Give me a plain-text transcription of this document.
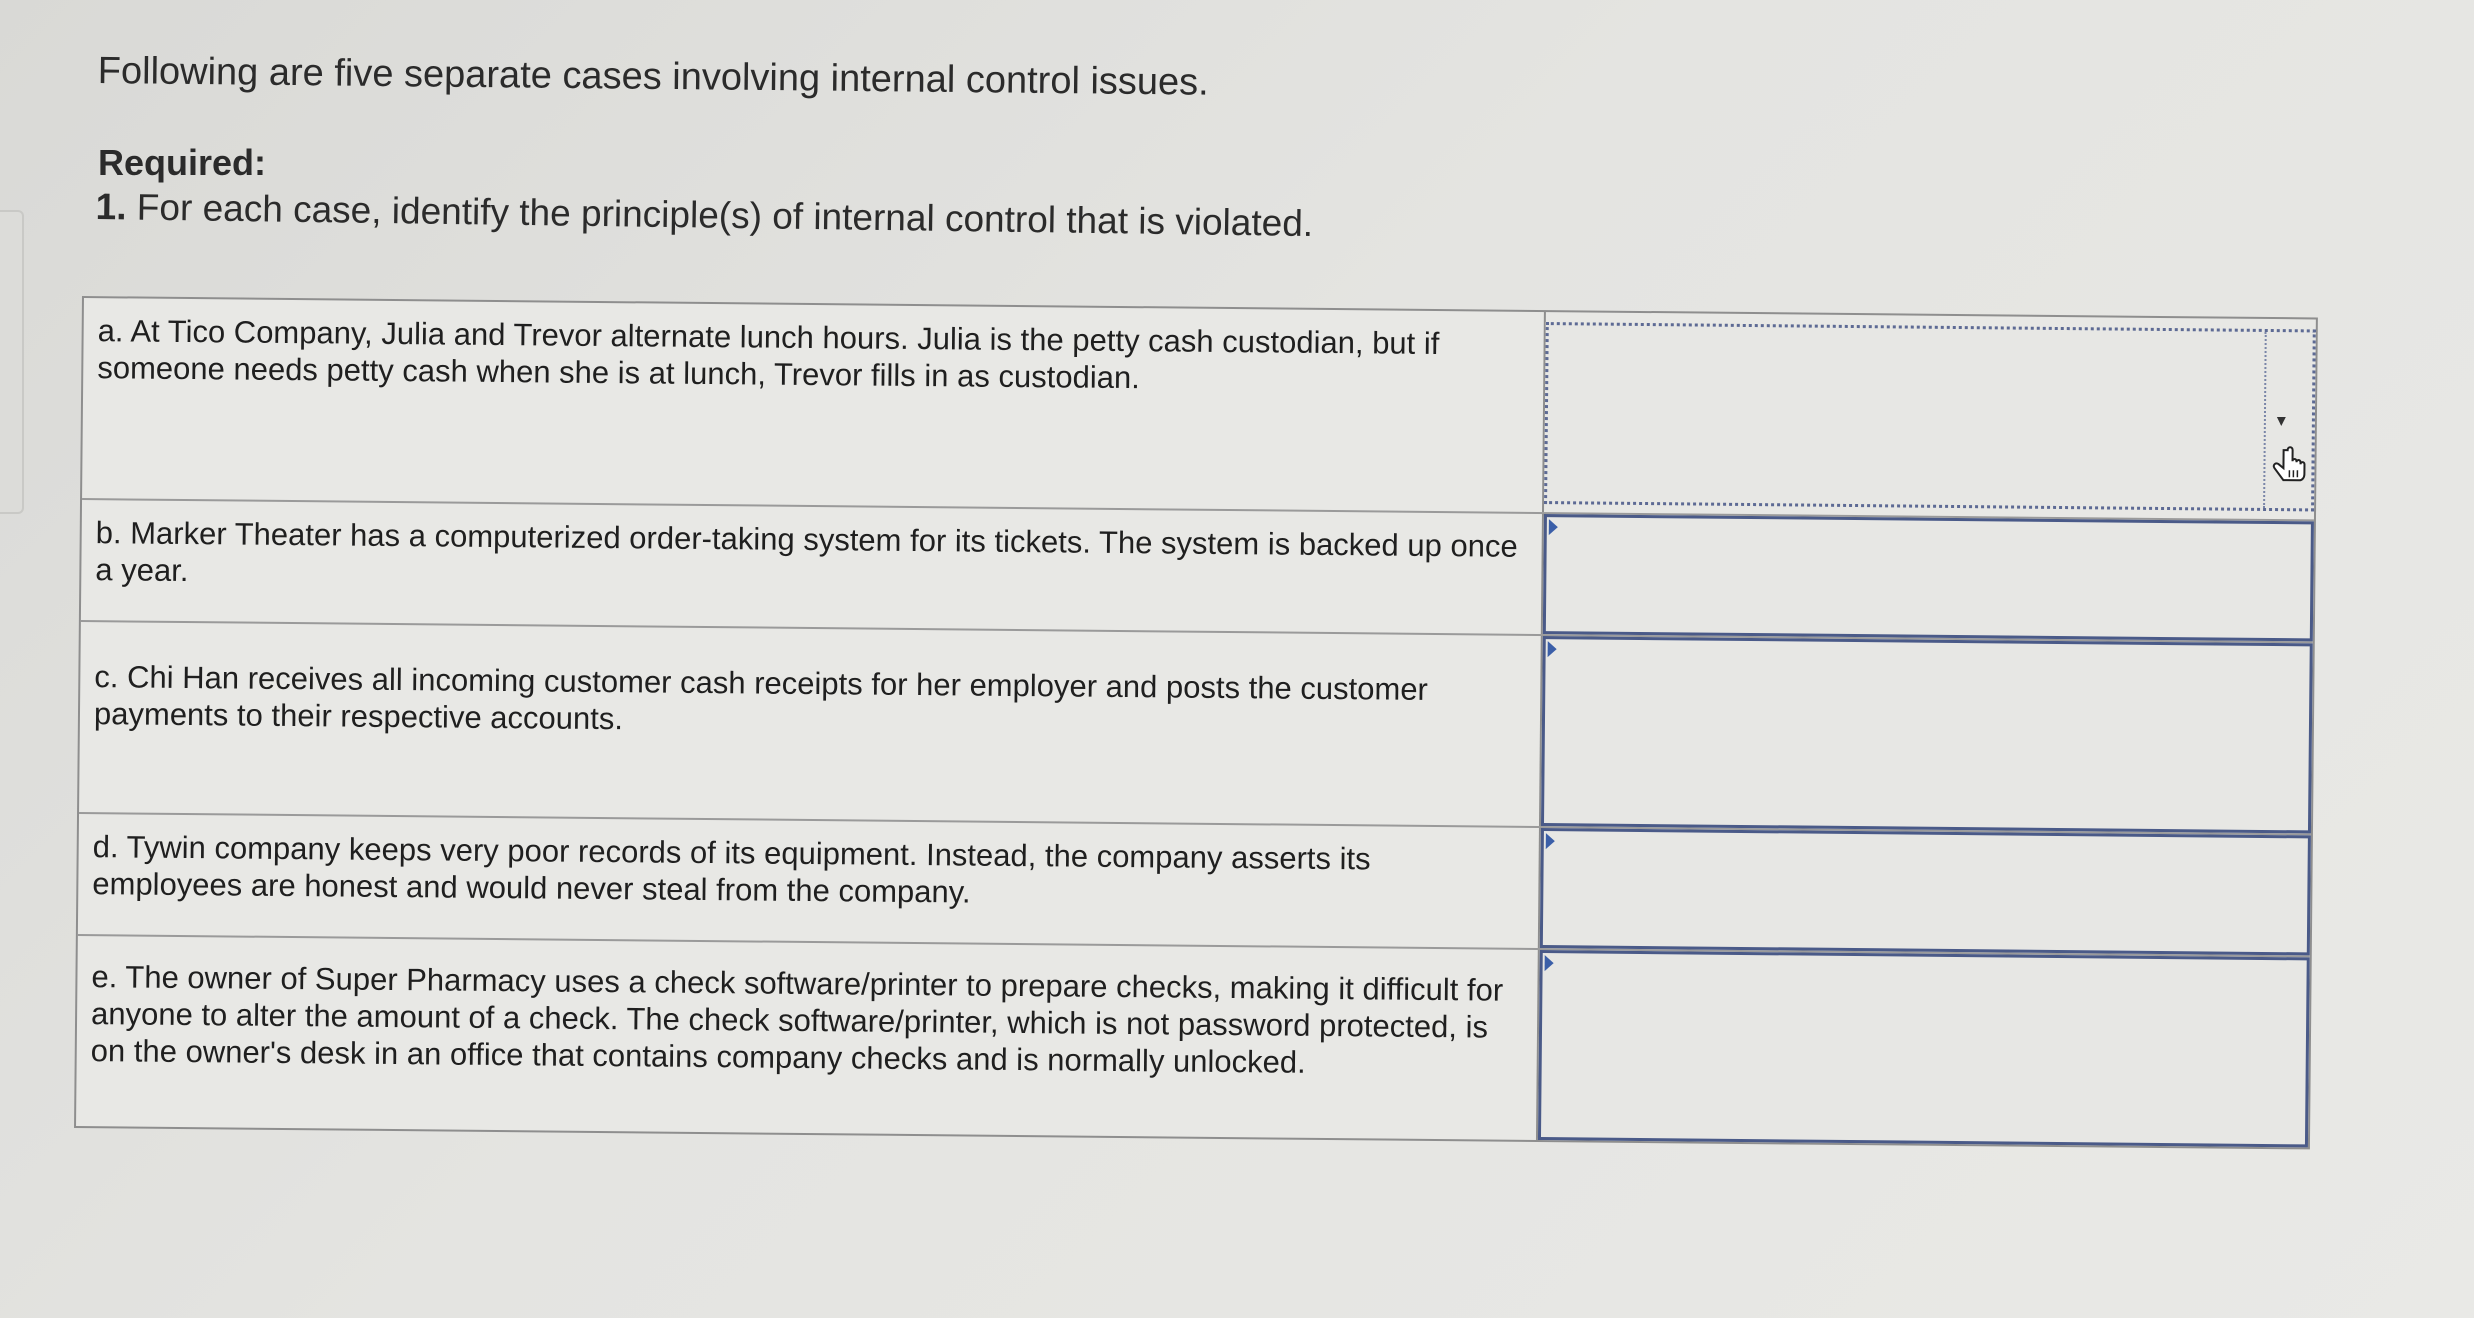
Following are five separate cases involving internal control issues.
Required:
1. For each case, identify the principle(s) of internal control that is violated.
a. At Tico Company, Julia and Trevor alternate lunch hours. Julia is the petty cash custodian, but if someone needs petty cash when she is at lunch, Trevor fills in as custodian.
▾
b. Marker Theater has a computerized order-taking system for its tickets. The system is backed up once a year.
c. Chi Han receives all incoming customer cash receipts for her employer and posts the customer payments to their respective accounts.
d. Tywin company keeps very poor records of its equipment. Instead, the company asserts its employees are honest and would never steal from the company.
e. The owner of Super Pharmacy uses a check software/printer to prepare checks, making it difficult for anyone to alter the amount of a check. The check software/printer, which is not password protected, is on the owner's desk in an office that contains company checks and is normally unlocked.
